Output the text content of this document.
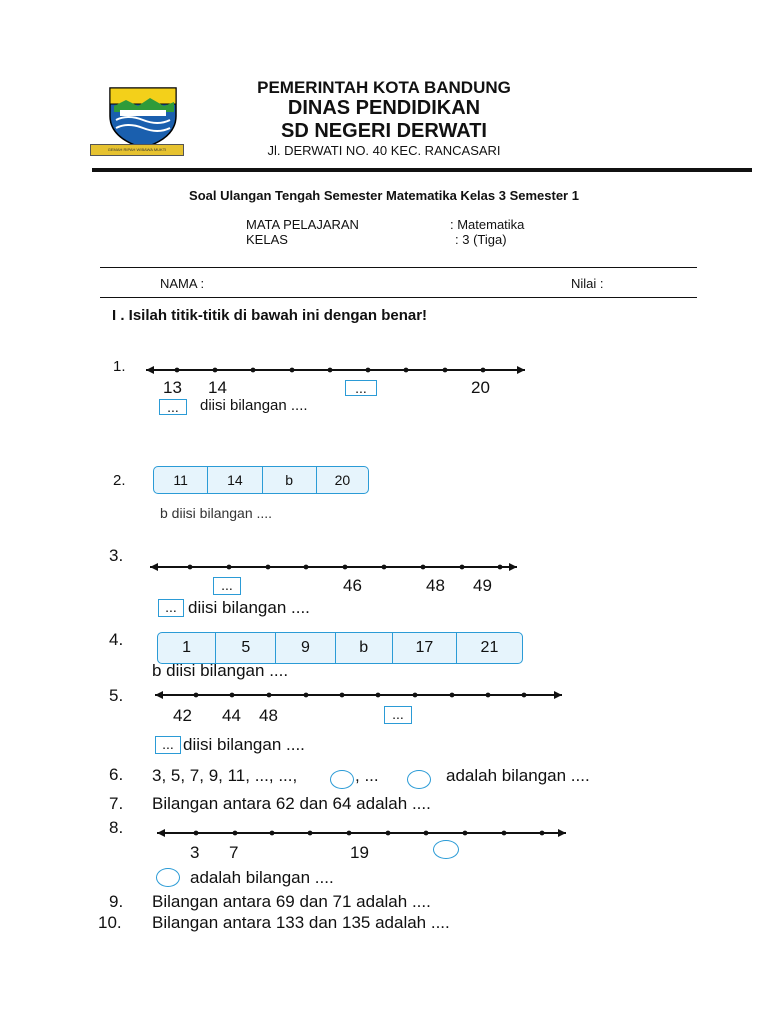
GEMAH RIPAH WIBAWA MUKTI
PEMERINTAH KOTA BANDUNG
DINAS PENDIDIKAN
SD NEGERI DERWATI
Jl. DERWATI NO. 40 KEC. RANCASARI
Soal Ulangan Tengah Semester Matematika Kelas 3 Semester 1
MATA PELAJARAN	: Matematika
KELAS	: 3 (Tiga)
NAMA :	Nilai :
I . Isilah titik-titik di bawah ini dengan benar!
1.
13 14	20
...
...	diisi bilangan ....
2.	11	14	b	20
b diisi bilangan ....
3.
...	46	48 49
... diisi bilangan ....
4.	1	5	9	b	17	21
b diisi bilangan ....
5.
42 44 48	...
... diisi bilangan ....
6. 3, 5, 7, 9, 11, ..., ...,	, ...	adalah bilangan ....
7. Bilangan antara 62 dan 64 adalah ....
8.
3 7	19
adalah bilangan ....
9. Bilangan antara 69 dan 71 adalah ....
10. Bilangan antara 133 dan 135 adalah ....
